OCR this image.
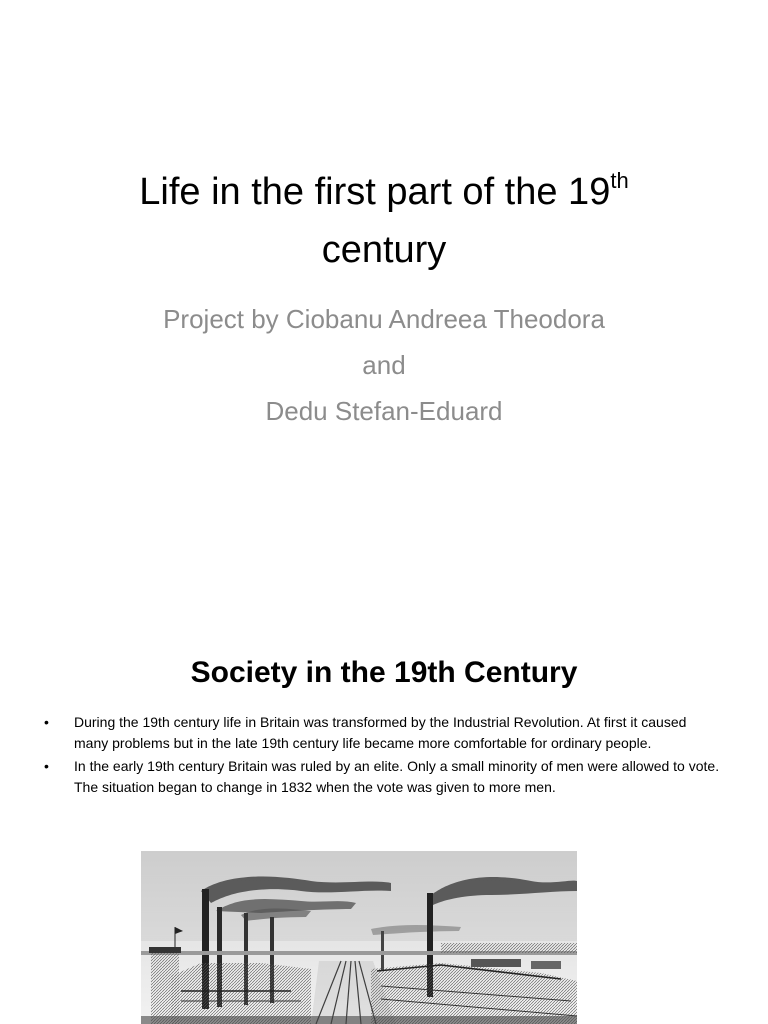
Life in the first part of the 19th
century
Project by Ciobanu Andreea Theodora
and
Dedu Stefan-Eduard
Society in the 19th Century
• During the 19th century life in Britain was transformed by the Industrial Revolution. At first it caused many problems but in the late 19th century life became more comfortable for ordinary people.
• In the early 19th century Britain was ruled by an elite. Only a small minority of men were allowed to vote. The situation began to change in 1832 when the vote was given to more men.
